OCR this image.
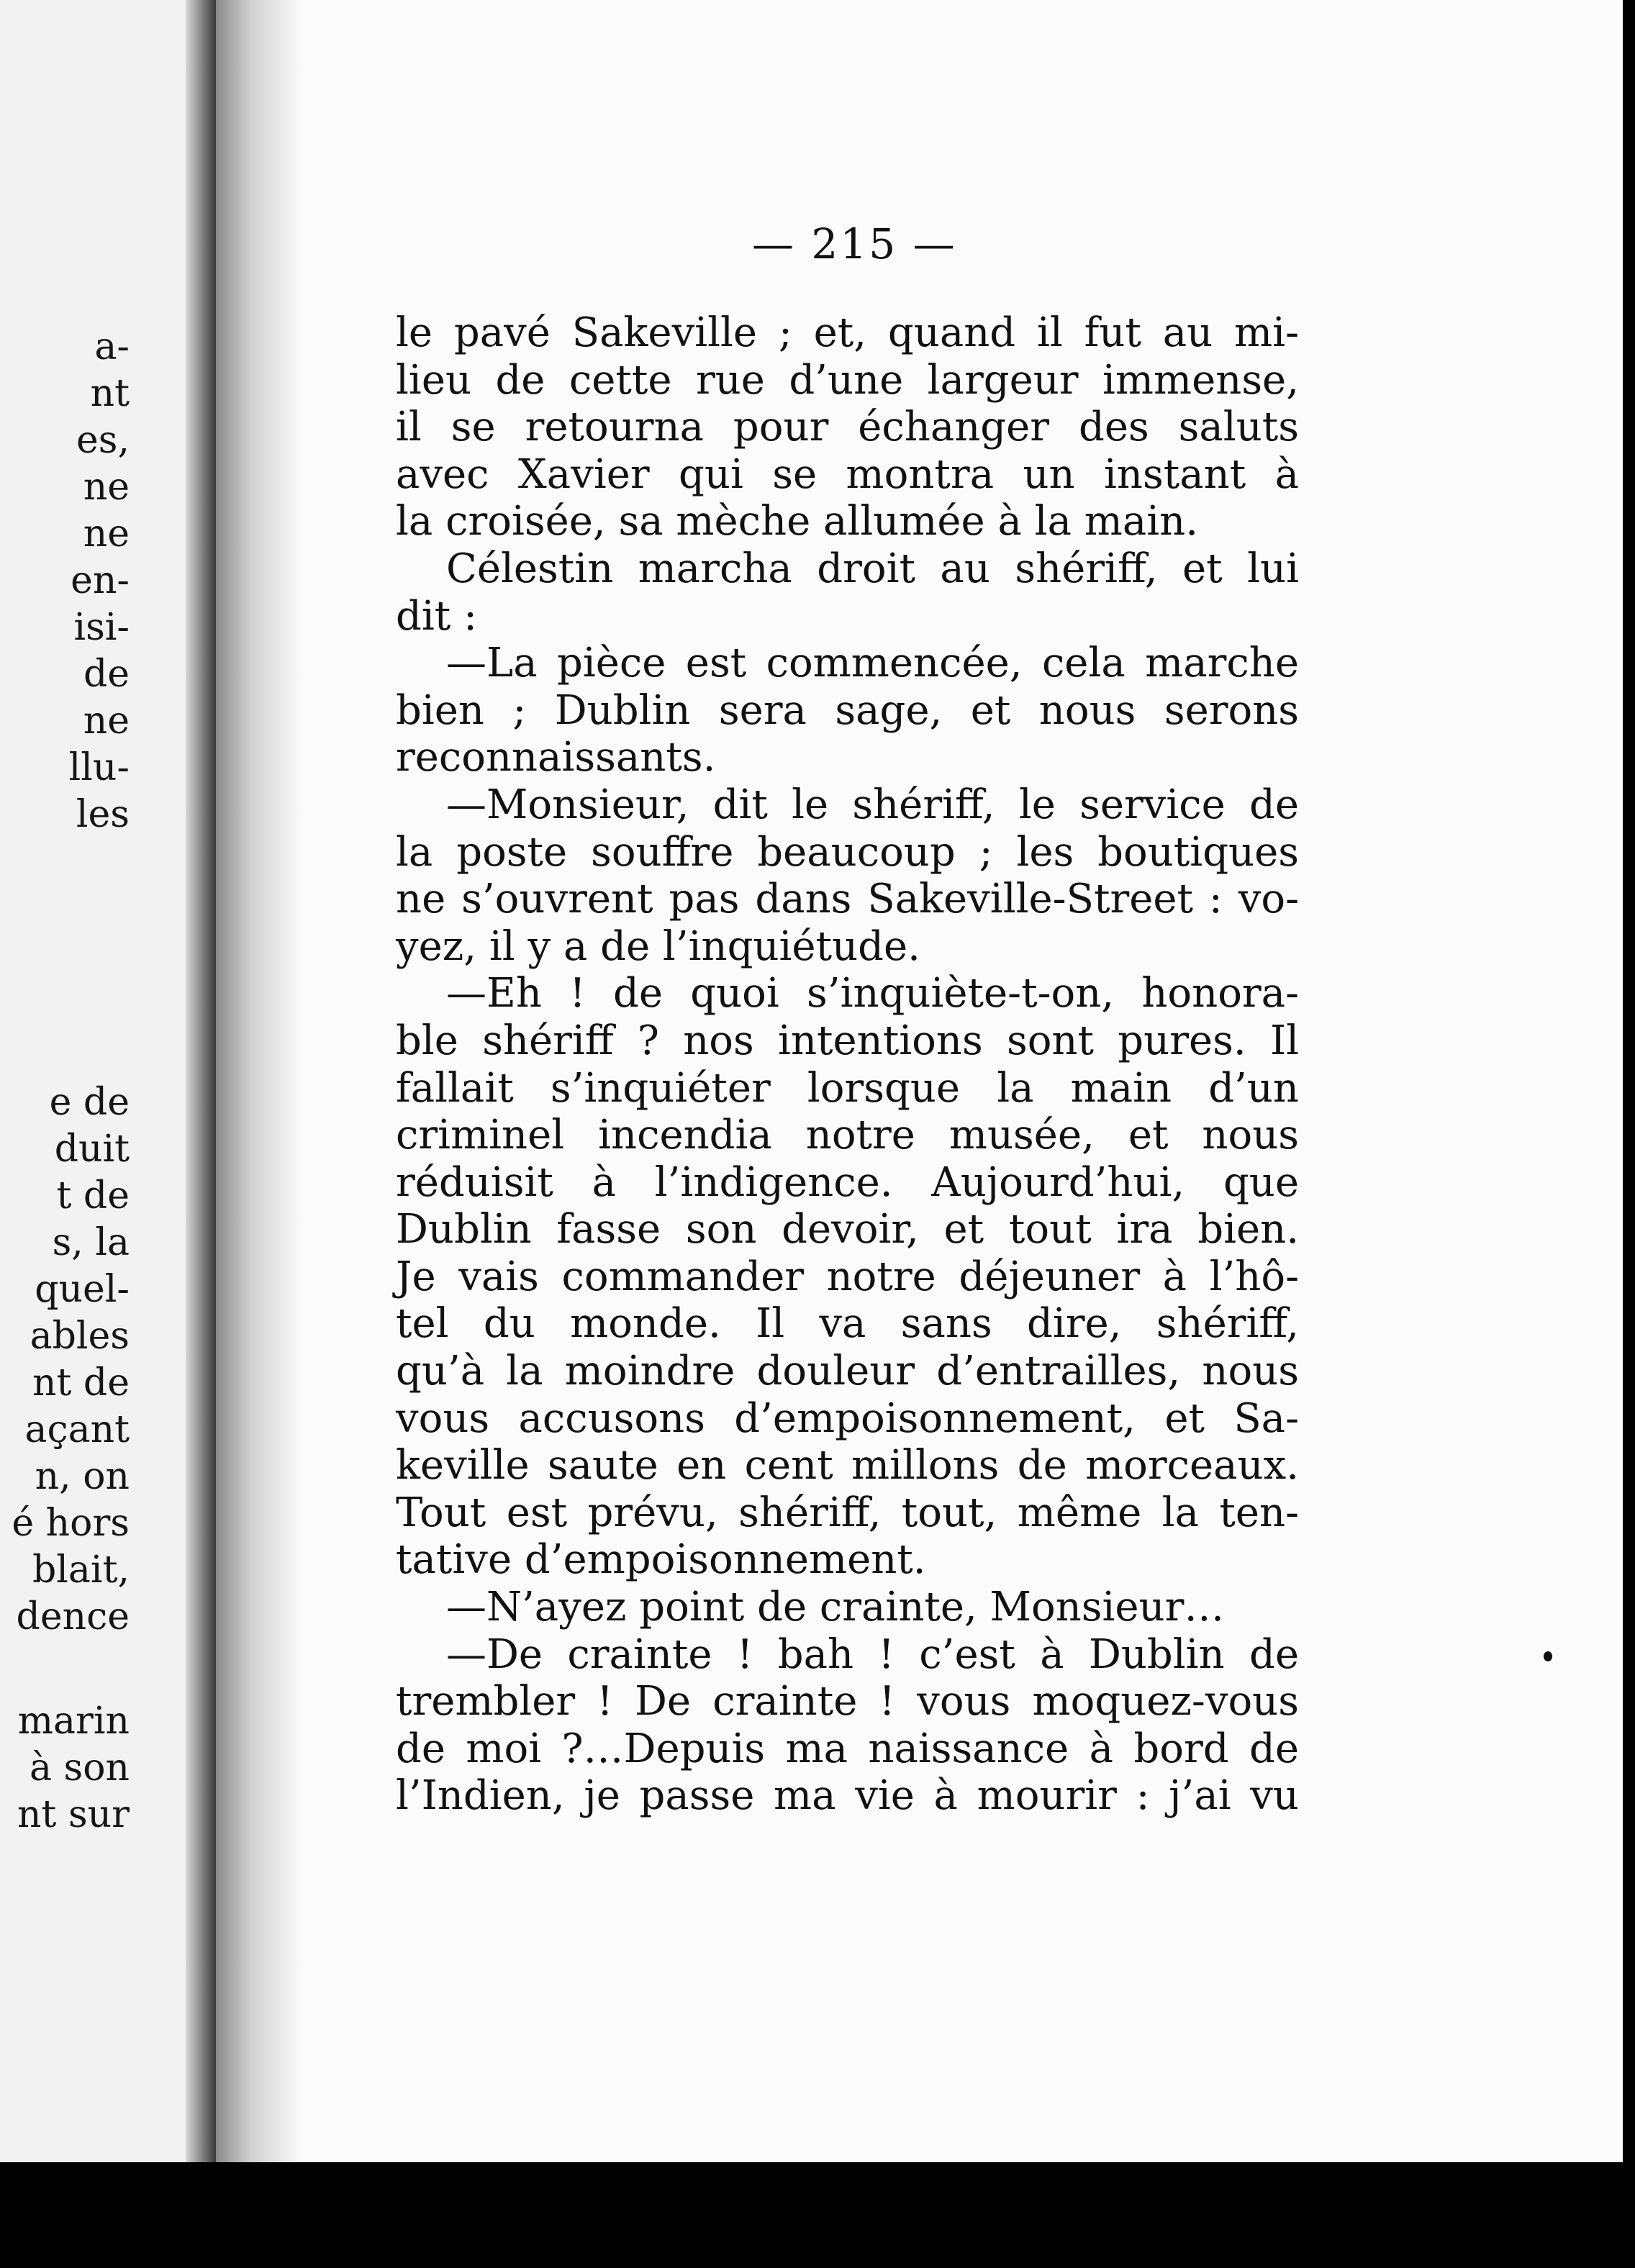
a-
nt
es,
ne
ne
en-
isi-
de
ne
llu-
les
e de
duit
t de
s, la
quel-
ables
nt de
açant
n, on
é hors
blait,
dence
marin
à son
nt sur
— 215 —
le pavé Sakeville ; et, quand il fut au mi-
lieu de cette rue d’une largeur immense,
il se retourna pour échanger des saluts
avec Xavier qui se montra un instant à
la croisée, sa mèche allumée à la main.
Célestin marcha droit au shériff, et lui
dit :
—La pièce est commencée, cela marche
bien ; Dublin sera sage, et nous serons
reconnaissants.
—Monsieur, dit le shériff, le service de
la poste souffre beaucoup ; les boutiques
ne s’ouvrent pas dans Sakeville-Street : vo-
yez, il y a de l’inquiétude.
—Eh ! de quoi s’inquiète-t-on, honora-
ble shériff ? nos intentions sont pures. Il
fallait s’inquiéter lorsque la main d’un
criminel incendia notre musée, et nous
réduisit à l’indigence. Aujourd’hui, que
Dublin fasse son devoir, et tout ira bien.
Je vais commander notre déjeuner à l’hô-
tel du monde. Il va sans dire, shériff,
qu’à la moindre douleur d’entrailles, nous
vous accusons d’empoisonnement, et Sa-
keville saute en cent millons de morceaux.
Tout est prévu, shériff, tout, même la ten-
tative d’empoisonnement.
—N’ayez point de crainte, Monsieur…
—De crainte ! bah ! c’est à Dublin de
trembler ! De crainte ! vous moquez-vous
de moi ?…Depuis ma naissance à bord de
l’Indien, je passe ma vie à mourir : j’ai vu
